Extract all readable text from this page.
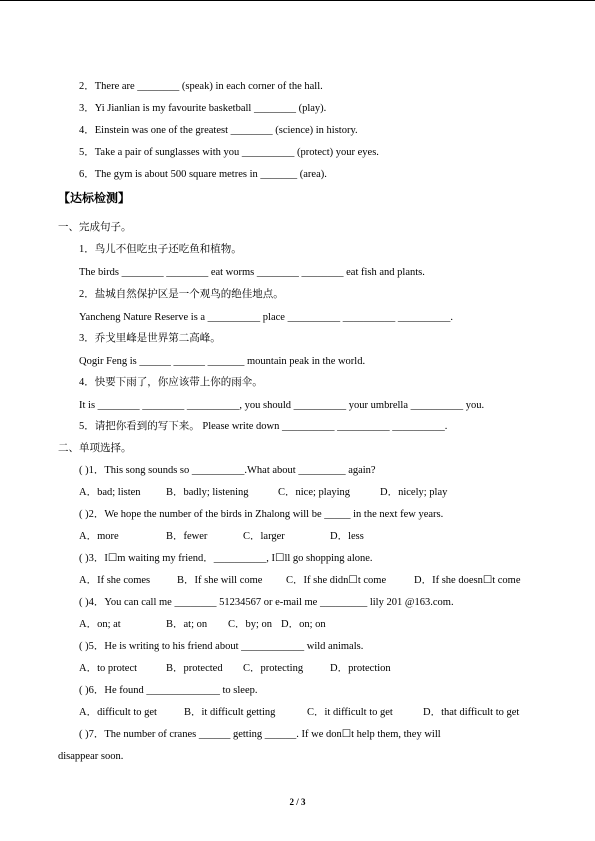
2．There are ________ (speak) in each corner of the hall.
3．Yi Jianlian is my favourite basketball ________ (play).
4．Einstein was one of the greatest ________ (science) in history.
5．Take a pair of sunglasses with you __________ (protect) your eyes.
6．The gym is about 500 square metres in _______ (area).
【达标检测】
一、完成句子。
1．鸟儿不但吃虫子还吃鱼和植物。
The birds ________ ________ eat worms ________ ________ eat fish and plants.
2．盐城自然保护区是一个观鸟的绝佳地点。
Yancheng Nature Reserve is a __________ place __________ __________ __________.
3．乔戈里峰是世界第二高峰。
Qogir Feng is ______ ______ _______ mountain peak in the world.
4．快要下雨了，你应该带上你的雨伞。
It is ________ ________ __________, you should __________ your umbrella __________ you.
5．请把你看到的写下来。 Please write down __________ __________ __________.
二、单项选择。
( )1．This song sounds so __________.What about _________ again?
A．bad; listen B．badly; listening	C．nice; playing	D．nicely; play
( )2．We hope the number of the birds in Zhalong will be _____ in the next few years.
A．more	B．fewer	C．larger	D．less
( )3．I☐m waiting my friend．__________, I☐ll go shopping alone.
A．If she comes	B．If she will come C．If she didn☐t come	D．If she doesn☐t come
( )4．You can call me ________ 51234567 or e-mail me _________ lily 201 @163.com.
A．on; at	B．at; on C．by; on D．on; on
( )5．He is writing to his friend about ____________ wild animals.
A．to protect	B．protected C．protecting	D．protection
( )6．He found ______________ to sleep.
A．difficult to get	B．it difficult getting	C．it difficult to get	D．that difficult to get
( )7．The number of cranes ______ getting ______. If we don☐t help them, they will
disappear soon.
2 / 3
